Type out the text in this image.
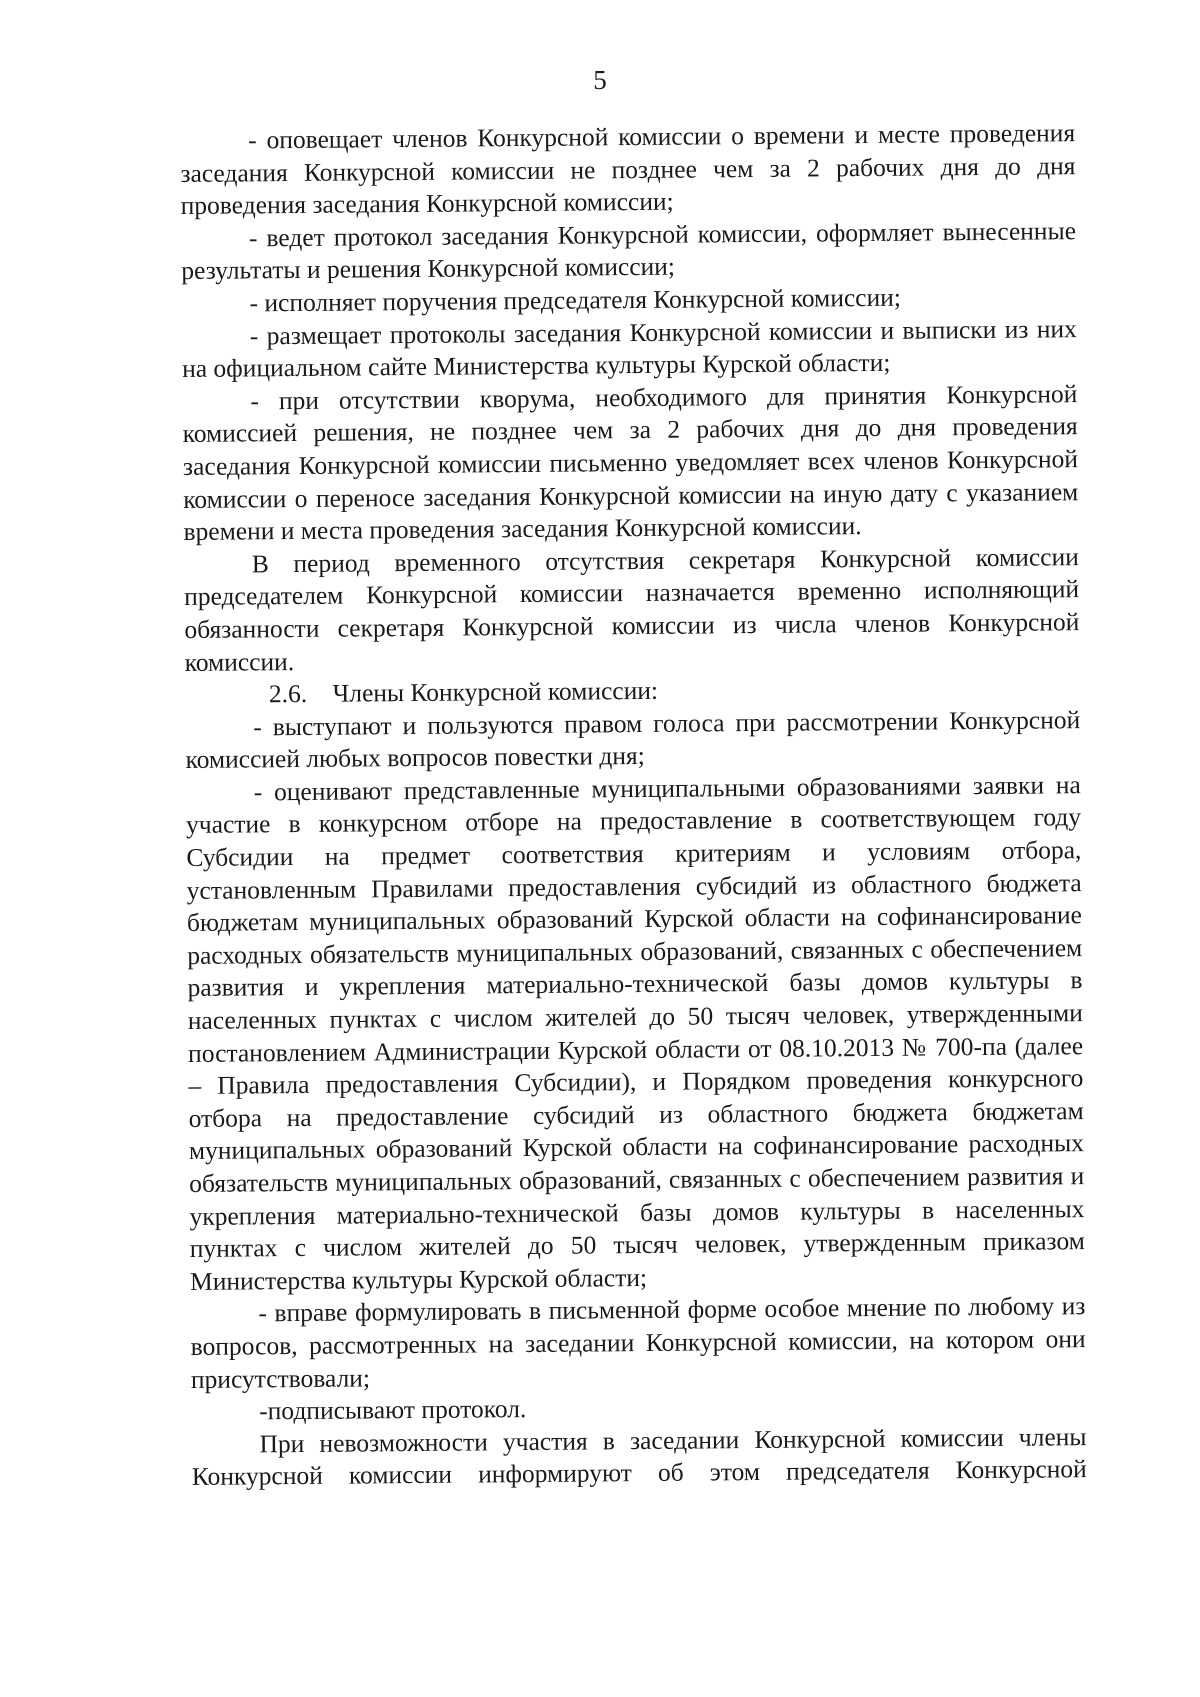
5

- оповещает членов Конкурсной комиссии о времени и месте проведения заседания Конкурсной комиссии не позднее чем за 2 рабочих дня до дня проведения заседания Конкурсной комиссии;

- ведет протокол заседания Конкурсной комиссии, оформляет вынесенные результаты и решения Конкурсной комиссии;

- исполняет поручения председателя Конкурсной комиссии;

- размещает протоколы заседания Конкурсной комиссии и выписки из них на официальном сайте Министерства культуры Курской области;

- при отсутствии кворума, необходимого для принятия Конкурсной комиссией решения, не позднее чем за 2 рабочих дня до дня проведения заседания Конкурсной комиссии письменно уведомляет всех членов Конкурсной комиссии о переносе заседания Конкурсной комиссии на иную дату с указанием времени и места проведения заседания Конкурсной комиссии.

В период временного отсутствия секретаря Конкурсной комиссии председателем Конкурсной комиссии назначается временно исполняющий обязанности секретаря Конкурсной комиссии из числа членов Конкурсной комиссии.

2.6.    Члены Конкурсной комиссии:

- выступают и пользуются правом голоса при рассмотрении Конкурсной комиссией любых вопросов повестки дня;

- оценивают представленные муниципальными образованиями заявки на участие в конкурсном отборе на предоставление в соответствующем году Субсидии на предмет соответствия критериям и условиям отбора, установленным Правилами предоставления субсидий из областного бюджета бюджетам муниципальных образований Курской области на софинансирование расходных обязательств муниципальных образований, связанных с обеспечением развития и укрепления материально-технической базы домов культуры в населенных пунктах с числом жителей до 50 тысяч человек, утвержденными постановлением Администрации Курской области от 08.10.2013 № 700-па (далее – Правила предоставления Субсидии), и Порядком проведения конкурсного отбора на предоставление субсидий из областного бюджета бюджетам муниципальных образований Курской области на софинансирование расходных обязательств муниципальных образований, связанных с обеспечением развития и укрепления материально-технической базы домов культуры в населенных пунктах с числом жителей до 50 тысяч человек, утвержденным приказом Министерства культуры Курской области;

- вправе формулировать в письменной форме особое мнение по любому из вопросов, рассмотренных на заседании Конкурсной комиссии, на котором они присутствовали;

-подписывают протокол.

При невозможности участия в заседании Конкурсной комиссии члены Конкурсной комиссии информируют об этом председателя Конкурсной
